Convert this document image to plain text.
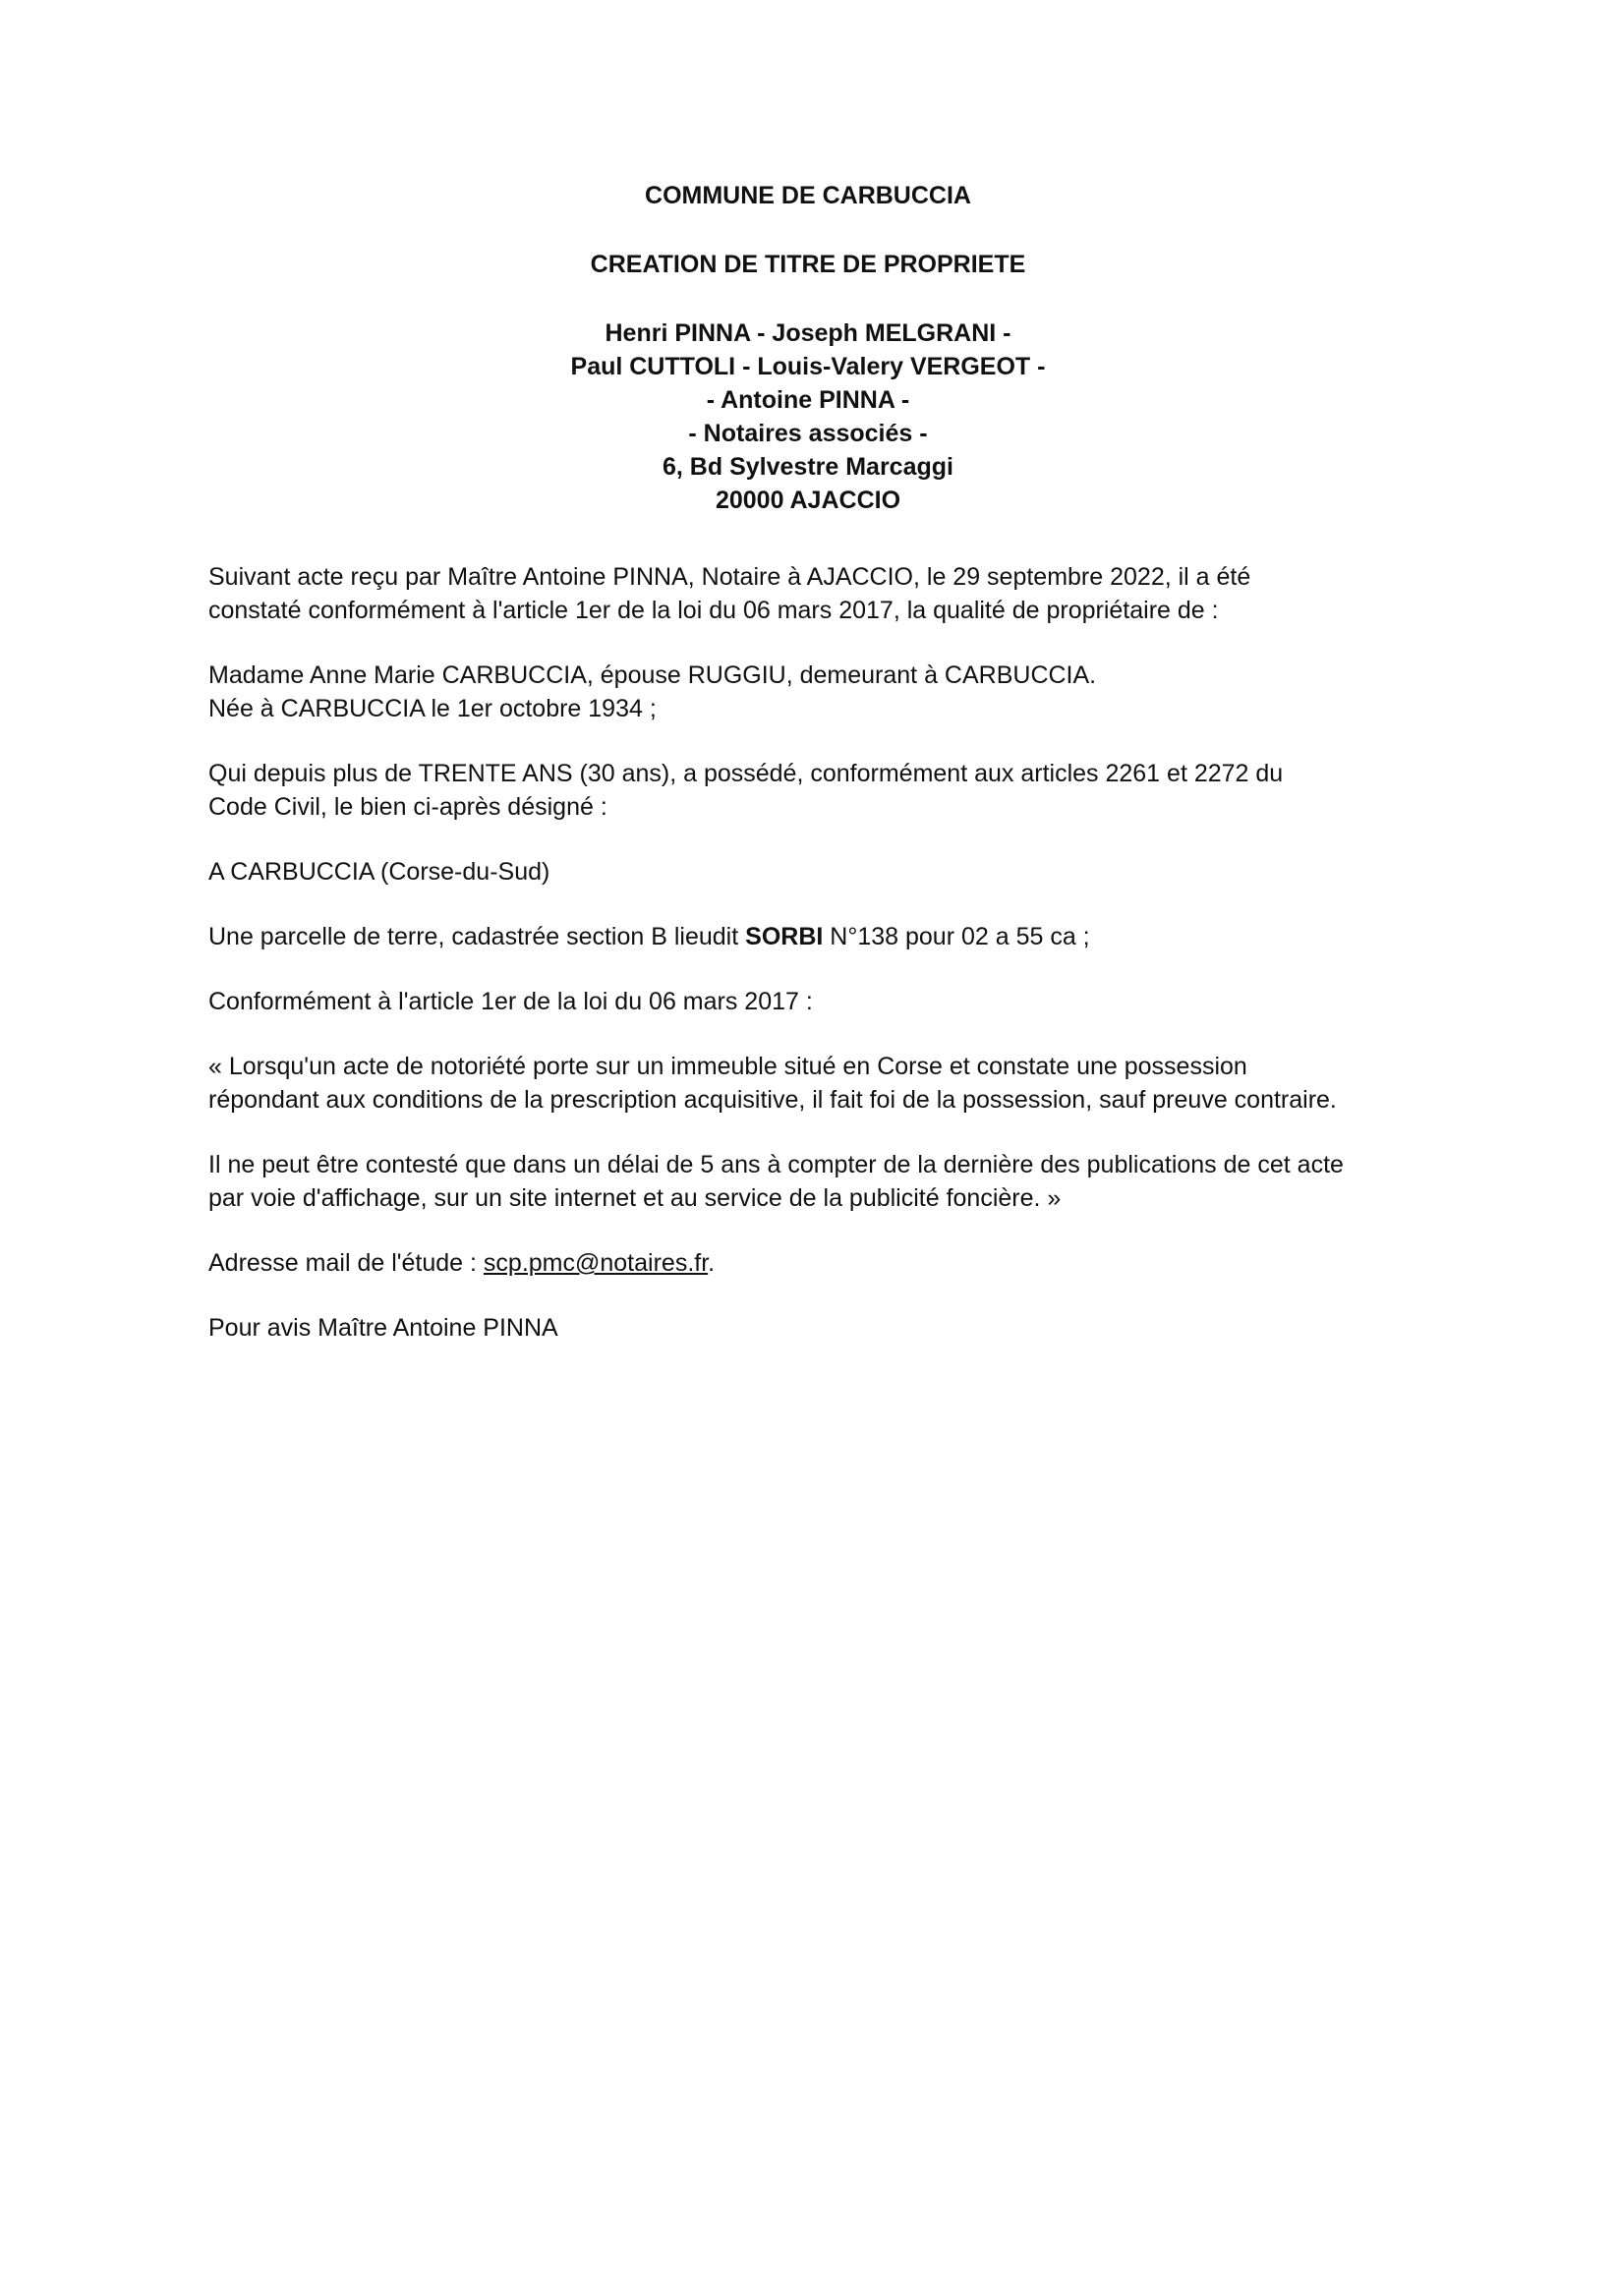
COMMUNE DE CARBUCCIA

CREATION DE TITRE DE PROPRIETE

Henri PINNA - Joseph MELGRANI -

Paul CUTTOLI - Louis-Valery VERGEOT -

- Antoine PINNA -

- Notaires associés -

6, Bd Sylvestre Marcaggi

20000 AJACCIO

Suivant acte reçu par Maître Antoine PINNA, Notaire à AJACCIO, le 29 septembre 2022, il a été
constaté conformément à l'article 1er de la loi du 06 mars 2017, la qualité de propriétaire de :

Madame Anne Marie CARBUCCIA, épouse RUGGIU, demeurant à CARBUCCIA.
Née à CARBUCCIA le 1er octobre 1934 ;

Qui depuis plus de TRENTE ANS (30 ans), a possédé, conformément aux articles 2261 et 2272 du
Code Civil, le bien ci-après désigné :

A CARBUCCIA (Corse-du-Sud)

Une parcelle de terre, cadastrée section B lieudit SORBI N°138 pour 02 a 55 ca ;

Conformément à l'article 1er de la loi du 06 mars 2017 :

« Lorsqu'un acte de notoriété porte sur un immeuble situé en Corse et constate une possession
répondant aux conditions de la prescription acquisitive, il fait foi de la possession, sauf preuve contraire.

Il ne peut être contesté que dans un délai de 5 ans à compter de la dernière des publications de cet acte
par voie d'affichage, sur un site internet et au service de la publicité foncière. »

Adresse mail de l'étude : scp.pmc@notaires.fr.

Pour avis Maître Antoine PINNA
